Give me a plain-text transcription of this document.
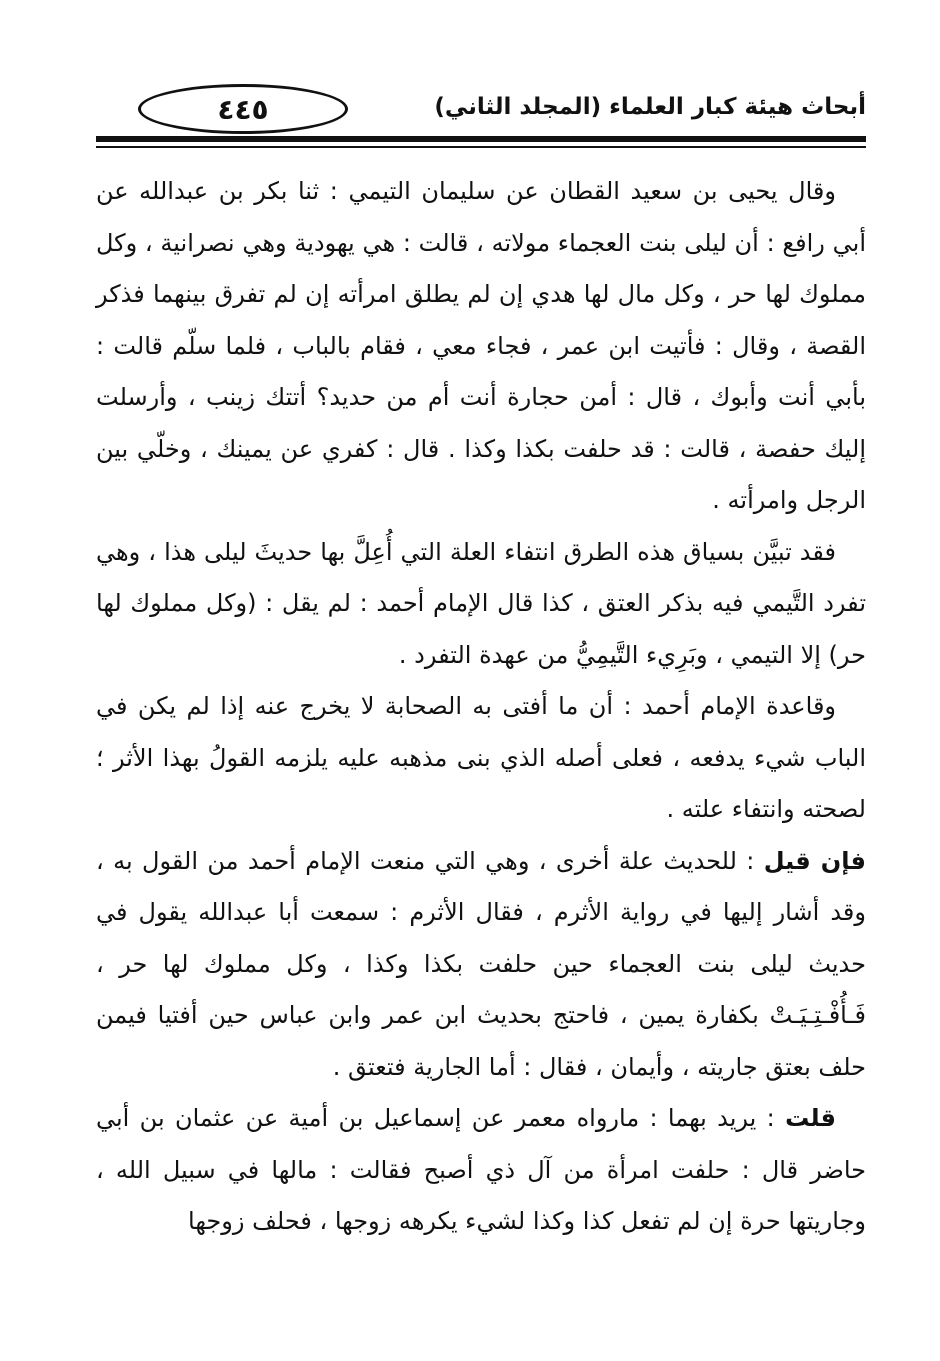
أبحاث هيئة كبار العلماء (المجلد الثاني)
٤٤٥

وقال يحيى بن سعيد القطان عن سليمان التيمي : ثنا بكر بن عبدالله عن أبي رافع : أن ليلى بنت العجماء مولاته ، قالت : هي يهودية وهي نصرانية ، وكل مملوك لها حر ، وكل مال لها هدي إن لم يطلق امرأته إن لم تفرق بينهما فذكر القصة ، وقال : فأتيت ابن عمر ، فجاء معي ، فقام بالباب ، فلما سلّم قالت : بأبي أنت وأبوك ، قال : أمن حجارة أنت أم من حديد؟ أتتك زينب ، وأرسلت إليك حفصة ، قالت : قد حلفت بكذا وكذا . قال : كفري عن يمينك ، وخلّي بين الرجل وامرأته .

فقد تبيَّن بسياق هذه الطرق انتفاء العلة التي أُعِلَّ بها حديثَ ليلى هذا ، وهي تفرد التَّيمي فيه بذكر العتق ، كذا قال الإمام أحمد : لم يقل : (وكل مملوك لها حر) إلا التيمي ، وبَرِيء التَّيمِيُّ من عهدة التفرد .

وقاعدة الإمام أحمد : أن ما أفتى به الصحابة لا يخرج عنه إذا لم يكن في الباب شيء يدفعه ، فعلى أصله الذي بنى مذهبه عليه يلزمه القولُ بهذا الأثر ؛ لصحته وانتفاء علته .

فإن قيل : للحديث علة أخرى ، وهي التي منعت الإمام أحمد من القول به ، وقد أشار إليها في رواية الأثرم ، فقال الأثرم : سمعت أبا عبدالله يقول في حديث ليلى بنت العجماء حين حلفت بكذا وكذا ، وكل مملوك لها حر ، فَـأُفْـتِـيَـتْ بكفارة يمين ، فاحتج بحديث ابن عمر وابن عباس حين أفتيا فيمن حلف بعتق جاريته ، وأيمان ، فقال : أما الجارية فتعتق .

قلت : يريد بهما : مارواه معمر عن إسماعيل بن أمية عن عثمان بن أبي حاضر قال : حلفت امرأة من آل ذي أصبح فقالت : مالها في سبيل الله ، وجاريتها حرة إن لم تفعل كذا وكذا لشيء يكرهه زوجها ، فحلف زوجها
